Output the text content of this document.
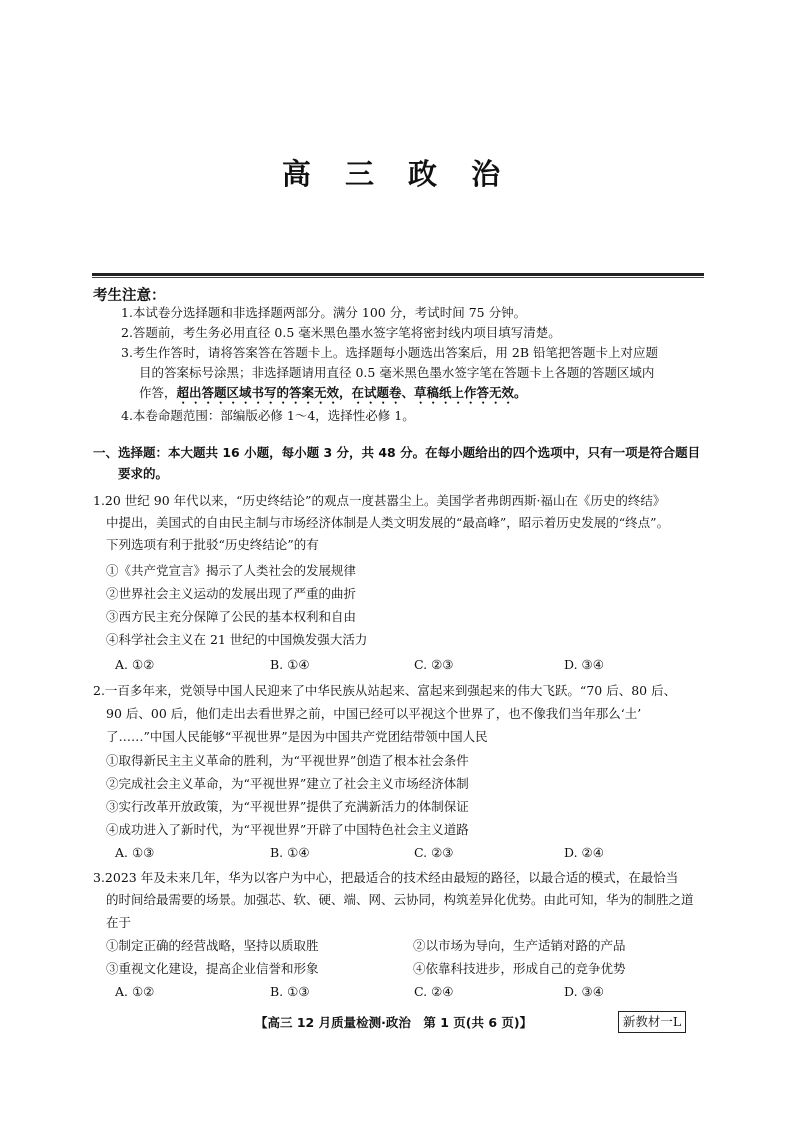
高 三 政 治
考生注意：
1.本试卷分选择题和非选择题两部分。满分 100 分，考试时间 75 分钟。
2.答题前，考生务必用直径 0.5 毫米黑色墨水签字笔将密封线内项目填写清楚。
3.考生作答时，请将答案答在答题卡上。选择题每小题选出答案后，用 2B 铅笔把答题卡上对应题
目的答案标号涂黑；非选择题请用直径 0.5 毫米黑色墨水签字笔在答题卡上各题的答题区域内
作答，超出答题区域书写的答案无效，在试题卷、草稿纸上作答无效。
4.本卷命题范围：部编版必修 1～4，选择性必修 1。
一、选择题：本大题共 16 小题，每小题 3 分，共 48 分。在每小题给出的四个选项中，只有一项是符合题目
要求的。
1.20 世纪 90 年代以来，“历史终结论”的观点一度甚嚣尘上。美国学者弗朗西斯·福山在《历史的终结》
中提出，美国式的自由民主制与市场经济体制是人类文明发展的“最高峰”，昭示着历史发展的“终点”。
下列选项有利于批驳“历史终结论”的有
①《共产党宣言》揭示了人类社会的发展规律
②世界社会主义运动的发展出现了严重的曲折
③西方民主充分保障了公民的基本权利和自由
④科学社会主义在 21 世纪的中国焕发强大活力
A. ①②	B. ①④	C. ②③	D. ③④
2.一百多年来，党领导中国人民迎来了中华民族从站起来、富起来到强起来的伟大飞跃。“70 后、80 后、
90 后、00 后，他们走出去看世界之前，中国已经可以平视这个世界了，也不像我们当年那么‘土’
了……”中国人民能够“平视世界”是因为中国共产党团结带领中国人民
①取得新民主主义革命的胜利，为“平视世界”创造了根本社会条件
②完成社会主义革命，为“平视世界”建立了社会主义市场经济体制
③实行改革开放政策，为“平视世界”提供了充满新活力的体制保证
④成功进入了新时代，为“平视世界”开辟了中国特色社会主义道路
A. ①③	B. ①④	C. ②③	D. ②④
3.2023 年及未来几年，华为以客户为中心，把最适合的技术经由最短的路径，以最合适的模式，在最恰当
的时间给最需要的场景。加强芯、软、硬、端、网、云协同，构筑差异化优势。由此可知，华为的制胜之道
在于
①制定正确的经营战略，坚持以质取胜	②以市场为导向，生产适销对路的产品
③重视文化建设，提高企业信誉和形象	④依靠科技进步，形成自己的竞争优势
A. ①②	B. ①③	C. ②④	D. ③④
【高三 12 月质量检测·政治　第 1 页(共 6 页)】	新教材一L
